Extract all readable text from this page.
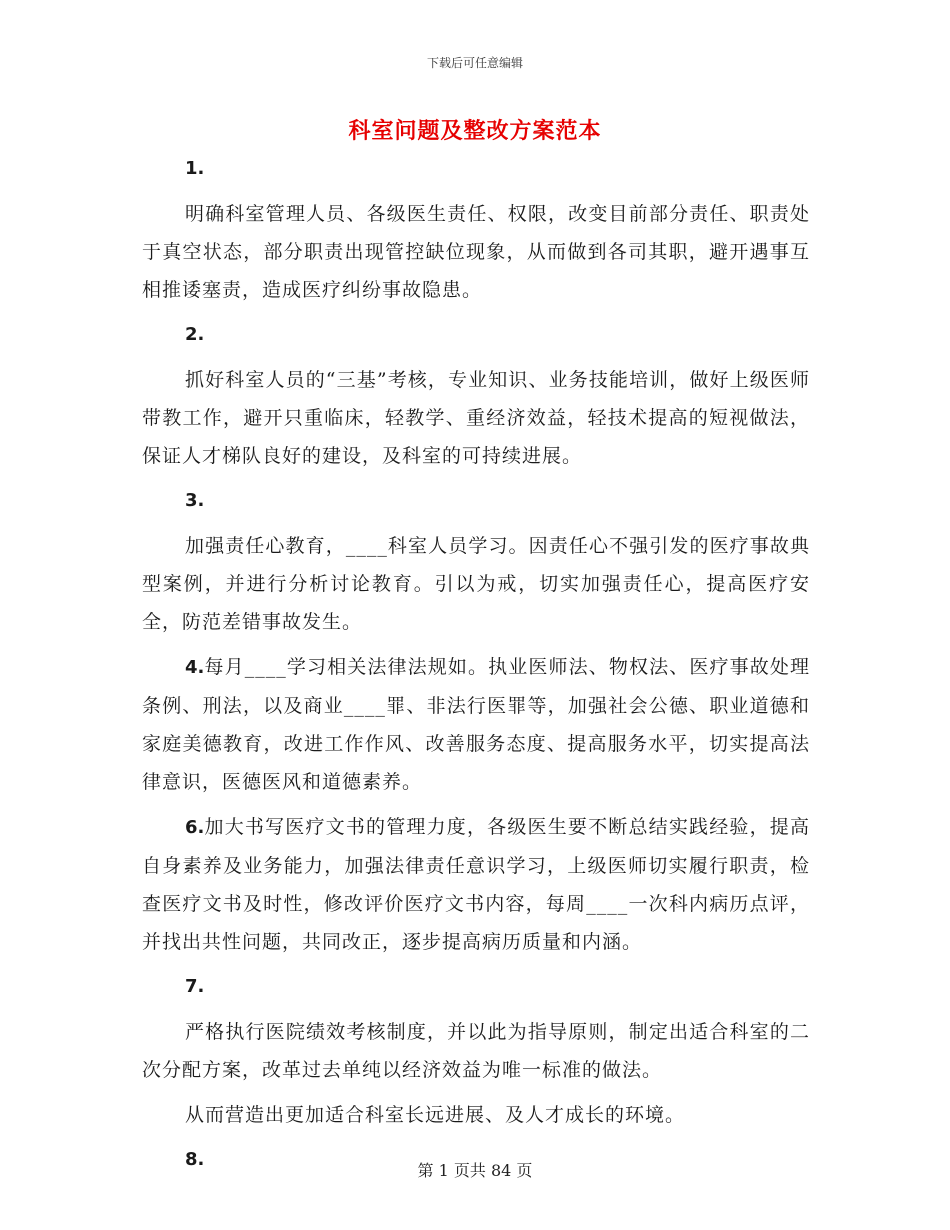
下载后可任意编辑
科室问题及整改方案范本
1.
明确科室管理人员、各级医生责任、权限，改变目前部分责任、职责处于真空状态，部分职责出现管控缺位现象，从而做到各司其职，避开遇事互相推诿塞责，造成医疗纠纷事故隐患。
2.
抓好科室人员的“三基”考核，专业知识、业务技能培训，做好上级医师带教工作，避开只重临床，轻教学、重经济效益，轻技术提高的短视做法，保证人才梯队良好的建设，及科室的可持续进展。
3.
加强责任心教育，____科室人员学习。因责任心不强引发的医疗事故典型案例，并进行分析讨论教育。引以为戒，切实加强责任心，提高医疗安全，防范差错事故发生。
4.每月____学习相关法律法规如。执业医师法、物权法、医疗事故处理条例、刑法，以及商业____罪、非法行医罪等，加强社会公德、职业道德和家庭美德教育，改进工作作风、改善服务态度、提高服务水平，切实提高法律意识，医德医风和道德素养。
6.加大书写医疗文书的管理力度，各级医生要不断总结实践经验，提高自身素养及业务能力，加强法律责任意识学习，上级医师切实履行职责，检查医疗文书及时性，修改评价医疗文书内容，每周____一次科内病历点评，并找出共性问题，共同改正，逐步提高病历质量和内涵。
7.
严格执行医院绩效考核制度，并以此为指导原则，制定出适合科室的二次分配方案，改革过去单纯以经济效益为唯一标准的做法。
从而营造出更加适合科室长远进展、及人才成长的环境。
8.
第 1 页共 84 页
